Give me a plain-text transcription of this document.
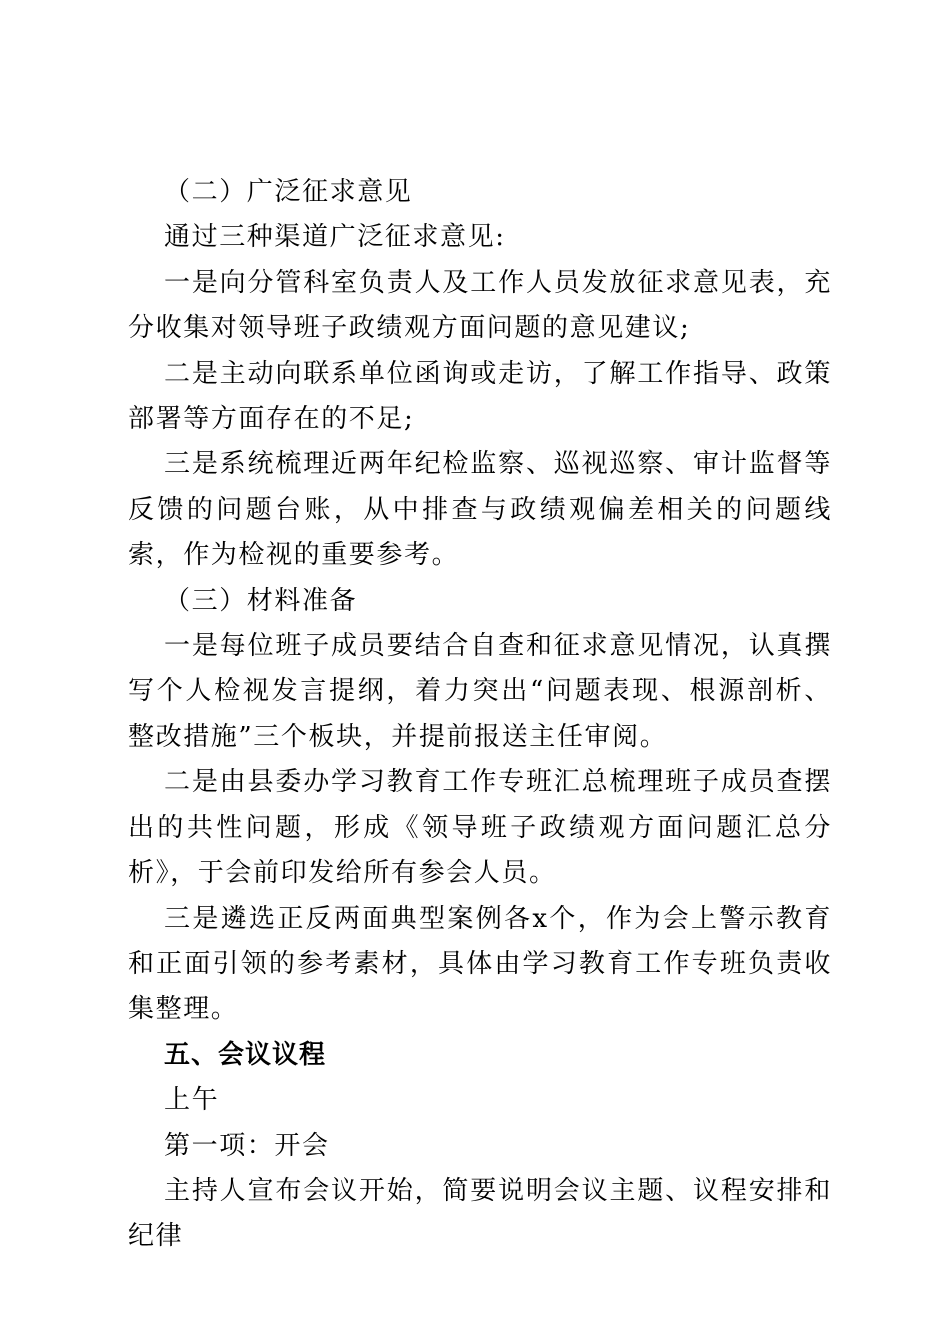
（二）广泛征求意见

通过三种渠道广泛征求意见:

一是向分管科室负责人及工作人员发放征求意见表，充分收集对领导班子政绩观方面问题的意见建议;

二是主动向联系单位函询或走访，了解工作指导、政策部署等方面存在的不足;

三是系统梳理近两年纪检监察、巡视巡察、审计监督等反馈的问题台账，从中排查与政绩观偏差相关的问题线索，作为检视的重要参考。

（三）材料准备

一是每位班子成员要结合自查和征求意见情况，认真撰写个人检视发言提纲，着力突出“问题表现、根源剖析、整改措施”三个板块，并提前报送主任审阅。

二是由县委办学习教育工作专班汇总梳理班子成员查摆出的共性问题，形成《领导班子政绩观方面问题汇总分析》，于会前印发给所有参会人员。

三是遴选正反两面典型案例各x个，作为会上警示教育和正面引领的参考素材，具体由学习教育工作专班负责收集整理。

五、会议议程

上午

第一项：开会

主持人宣布会议开始，简要说明会议主题、议程安排和纪律
